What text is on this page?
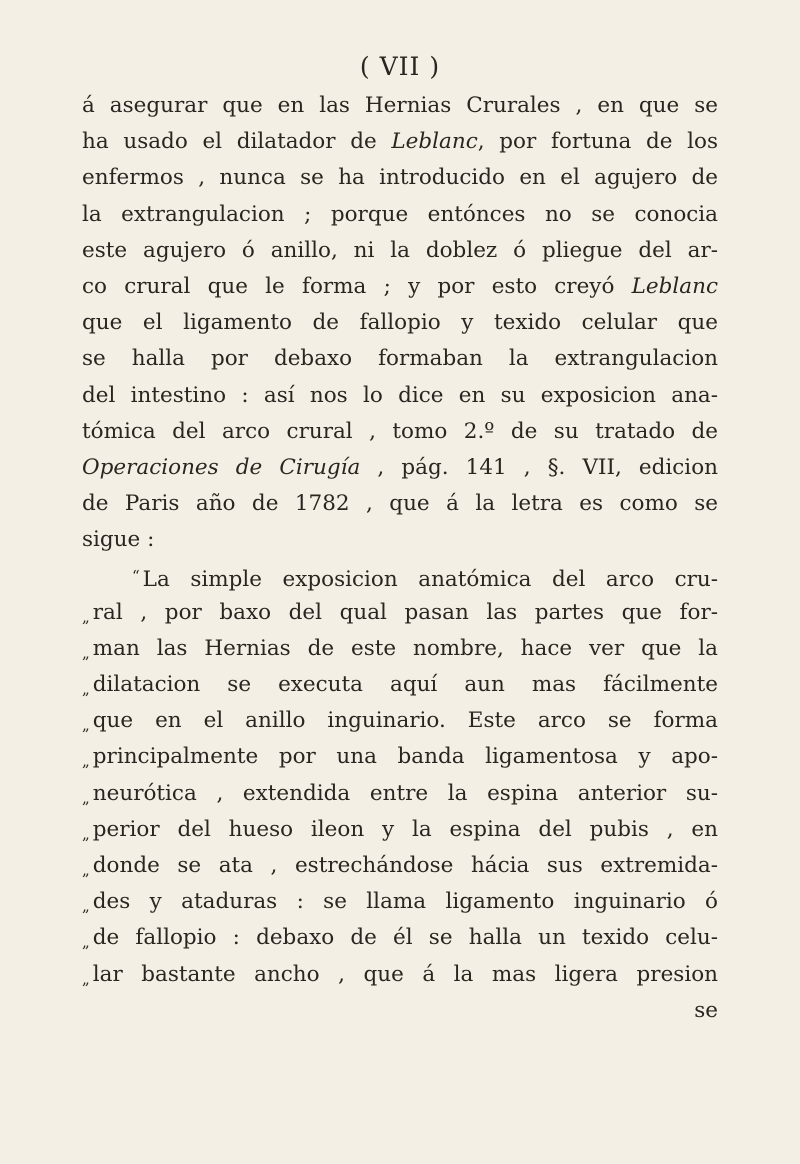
( VII )
á asegurar que en las Hernias Crurales , en que se
ha usado el dilatador de Leblanc, por fortuna de los
enfermos , nunca se ha introducido en el agujero de
la extrangulacion ; porque entónces no se conocia
este agujero ó anillo, ni la doblez ó pliegue del ar-
co crural que le forma ; y por esto creyó Leblanc
que el ligamento de fallopio y texido celular que
se halla por debaxo formaban la extrangulacion
del intestino : así nos lo dice en su exposicion ana-
tómica del arco crural , tomo 2.º de su tratado de
Operaciones de Cirugía , pág. 141 , §. VII, edicion
de Paris año de 1782 , que á la letra es como se
sigue :
“ La simple exposicion anatómica del arco cru-
„ ral , por baxo del qual pasan las partes que for-
„ man las Hernias de este nombre, hace ver que la
„ dilatacion se executa aquí aun mas fácilmente
„ que en el anillo inguinario. Este arco se forma
„ principalmente por una banda ligamentosa y apo-
„ neurótica , extendida entre la espina anterior su-
„ perior del hueso ileon y la espina del pubis , en
„ donde se ata , estrechándose hácia sus extremida-
„ des y ataduras : se llama ligamento inguinario ó
„ de fallopio : debaxo de él se halla un texido celu-
„ lar bastante ancho , que á la mas ligera presion
se
